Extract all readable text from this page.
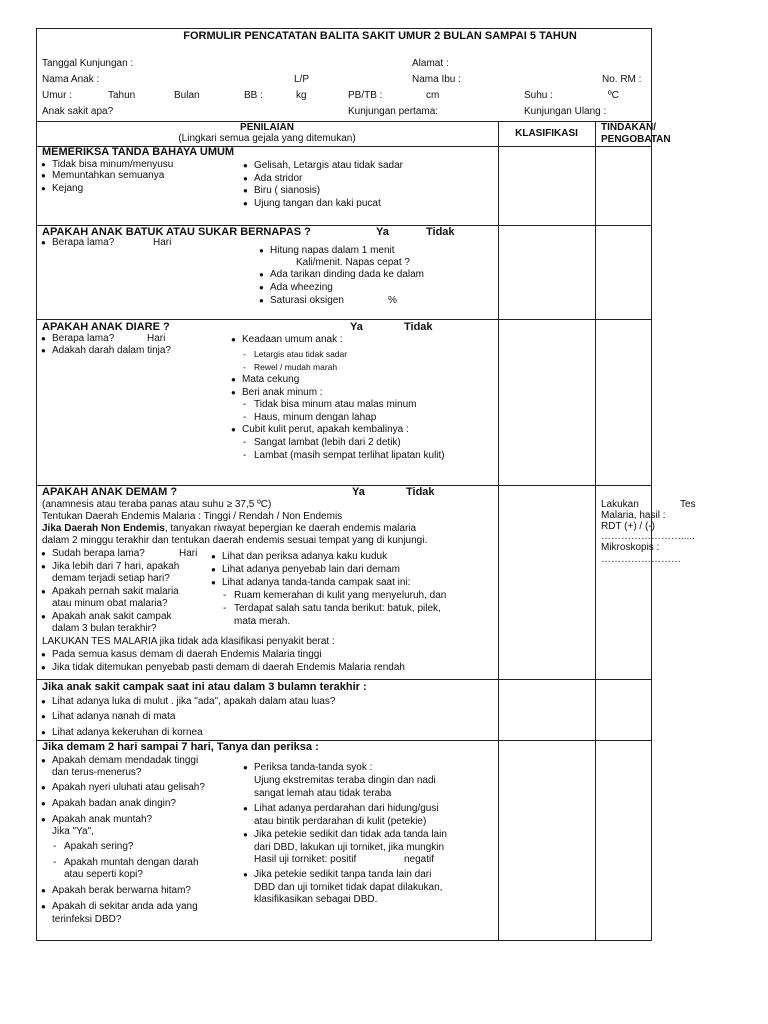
FORMULIR PENCATATAN BALITA SAKIT UMUR 2 BULAN SAMPAI 5 TAHUN
Tanggal Kunjungan :	Alamat :
Nama Anak :	L/P	Nama Ibu :	No. RM :
Umur :	Tahun	Bulan	BB :	kg	PB/TB :	cm	Suhu :	ºC
Anak sakit apa?	Kunjungan pertama:	Kunjungan Ulang :
PENILAIAN
(Lingkari semua gejala yang ditemukan)	KLASIFIKASI
TINDAKAN/
PENGOBATAN
MEMERIKSA TANDA BAHAYA UMUM
● Tidak bisa minum/menyusu
● Memuntahkan semuanya
● Kejang
● Gelisah, Letargis atau tidak sadar
● Ada stridor
● Biru ( sianosis)
● Ujung tangan dan kaki pucat
APAKAH ANAK BATUK ATAU SUKAR BERNAPAS ?	Ya	Tidak
● Berapa lama?	Hari
● Hitung napas dalam 1 menit
Kali/menit. Napas cepat ?
● Ada tarikan dinding dada ke dalam
● Ada wheezing
● Saturasi oksigen	%
APAKAH ANAK DIARE ?	Ya	Tidak
● Berapa lama?	Hari
● Adakah darah dalam tinja?
● Keadaan umum anak :
- Letargis atau tidak sadar
- Rewel / mudah marah
● Mata cekung
● Beri anak minum :
- Tidak bisa minum atau malas minum
- Haus, minum dengan lahap
● Cubit kulit perut, apakah kembalinya :
- Sangat lambat (lebih dari 2 detik)
- Lambat (masih sempat terlihat lipatan kulit)
APAKAH ANAK DEMAM ?	Ya	Tidak
(anamnesis atau teraba panas atau suhu ≥ 37,5 ºC)
Tentukan Daerah Endemis Malaria : Tinggi / Rendah / Non Endemis
Jika Daerah Non Endemis, tanyakan riwayat bepergian ke daerah endemis malaria
dalam 2 minggu terakhir dan tentukan daerah endemis sesuai tempat yang di kunjungi.
● Sudah berapa lama?	Hari
● Jika lebih dari 7 hari, apakah
demam terjadi setiap hari?
● Apakah pernah sakit malaria
atau minum obat malaria?
● Apakah anak sakit campak
dalam 3 bulan terakhir?
● Lihat dan periksa adanya kaku kuduk
● Lihat adanya penyebab lain dari demam
● Lihat adanya tanda-tanda campak saat ini:
- Ruam kemerahan di kulit yang menyeluruh, dan
- Terdapat salah satu tanda berikut: batuk, pilek,
mata merah.
LAKUKAN TES MALARIA jika tidak ada klasifikasi penyakit berat :
● Pada semua kasus demam di daerah Endemis Malaria tinggi
● Jika tidak ditemukan penyebab pasti demam di daerah Endemis Malaria rendah
Lakukan	Tes
Malaria, hasil :
RDT (+) / (-)
…………………….....
Mikroskopis :
……………………
Jika anak sakit campak saat ini atau dalam 3 bulamn terakhir :
● Lihat adanya luka di mulut . jika "ada", apakah dalam atau luas?
● Lihat adanya nanah di mata
● Lihat adanya kekeruhan di kornea
Jika demam 2 hari sampai 7 hari, Tanya dan periksa :
● Apakah demam mendadak tinggi
dan terus-menerus?
● Apakah nyeri uluhati atau gelisah?
● Apakah badan anak dingin?
● Apakah anak muntah?
Jika "Ya",
- Apakah sering?
- Apakah muntah dengan darah
atau seperti kopi?
● Apakah berak berwarna hitam?
● Apakah di sekitar anda ada yang
terinfeksi DBD?
● Periksa tanda-tanda syok :
Ujung ekstremitas teraba dingin dan nadi
sangat lemah atau tidak teraba
● Lihat adanya perdarahan dari hidung/gusi
atau bintik perdarahan di kulit (petekie)
● Jika petekie sedikit dan tidak ada tanda lain
dari DBD, lakukan uji torniket, jika mungkin
Hasil uji torniket: positif	negatif
● Jika petekie sedikit tanpa tanda lain dari
DBD dan uji torniket tidak dapat dilakukan,
klasifikasikan sebagai DBD.
